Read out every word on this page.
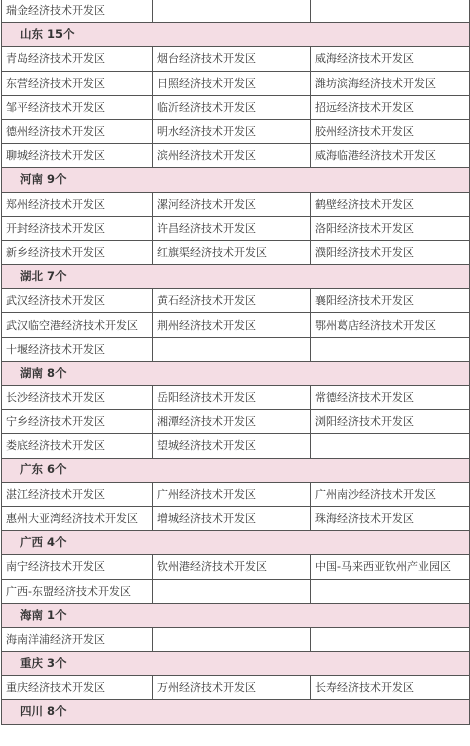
瑞金经济技术开发区		
山东 15个		
青岛经济技术开发区	烟台经济技术开发区	威海经济技术开发区
东营经济技术开发区	日照经济技术开发区	潍坊滨海经济技术开发区
邹平经济技术开发区	临沂经济技术开发区	招远经济技术开发区
德州经济技术开发区	明水经济技术开发区	胶州经济技术开发区
聊城经济技术开发区	滨州经济技术开发区	威海临港经济技术开发区
河南 9个		
郑州经济技术开发区	漯河经济技术开发区	鹤壁经济技术开发区
开封经济技术开发区	许昌经济技术开发区	洛阳经济技术开发区
新乡经济技术开发区	红旗渠经济技术开发区	濮阳经济技术开发区
湖北 7个		
武汉经济技术开发区	黄石经济技术开发区	襄阳经济技术开发区
武汉临空港经济技术开发区	荆州经济技术开发区	鄂州葛店经济技术开发区
十堰经济技术开发区		
湖南 8个		
长沙经济技术开发区	岳阳经济技术开发区	常德经济技术开发区
宁乡经济技术开发区	湘潭经济技术开发区	浏阳经济技术开发区
娄底经济技术开发区	望城经济技术开发区	
广东 6个		
湛江经济技术开发区	广州经济技术开发区	广州南沙经济技术开发区
惠州大亚湾经济技术开发区	增城经济技术开发区	珠海经济技术开发区
广西 4个		
南宁经济技术开发区	钦州港经济技术开发区	中国-马来西亚钦州产业园区
广西-东盟经济技术开发区		
海南 1个		
海南洋浦经济开发区		
重庆 3个		
重庆经济技术开发区	万州经济技术开发区	长寿经济技术开发区
四川 8个		
